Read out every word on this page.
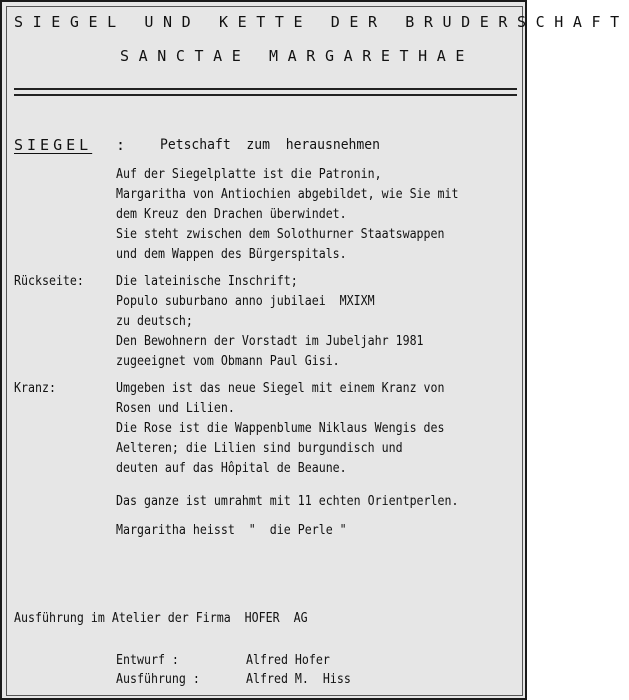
SIEGEL UND KETTE DER BRUDERSCHAFT
SANCTAE MARGARETHAE
SIEGEL : Petschaft  zum  herausnehmen
Auf der Siegelplatte ist die Patronin,
Margaritha von Antiochien abgebildet, wie Sie mit
dem Kreuz den Drachen überwindet.
Sie steht zwischen dem Solothurner Staatswappen
und dem Wappen des Bürgerspitals.
Rückseite: Die lateinische Inschrift;
Populo suburbano anno jubilaei  MXIXM
zu deutsch;
Den Bewohnern der Vorstadt im Jubeljahr 1981
zugeeignet vom Obmann Paul Gisi.
Kranz:	Umgeben ist das neue Siegel mit einem Kranz von
Rosen und Lilien.
Die Rose ist die Wappenblume Niklaus Wengis des
Aelteren; die Lilien sind burgundisch und
deuten auf das Hôpital de Beaune.
Das ganze ist umrahmt mit 11 echten Orientperlen.
Margaritha heisst  "  die Perle "
Ausführung im Atelier der Firma  HOFER  AG
Entwurf :	Alfred Hofer
Ausführung :	Alfred M.  Hiss
